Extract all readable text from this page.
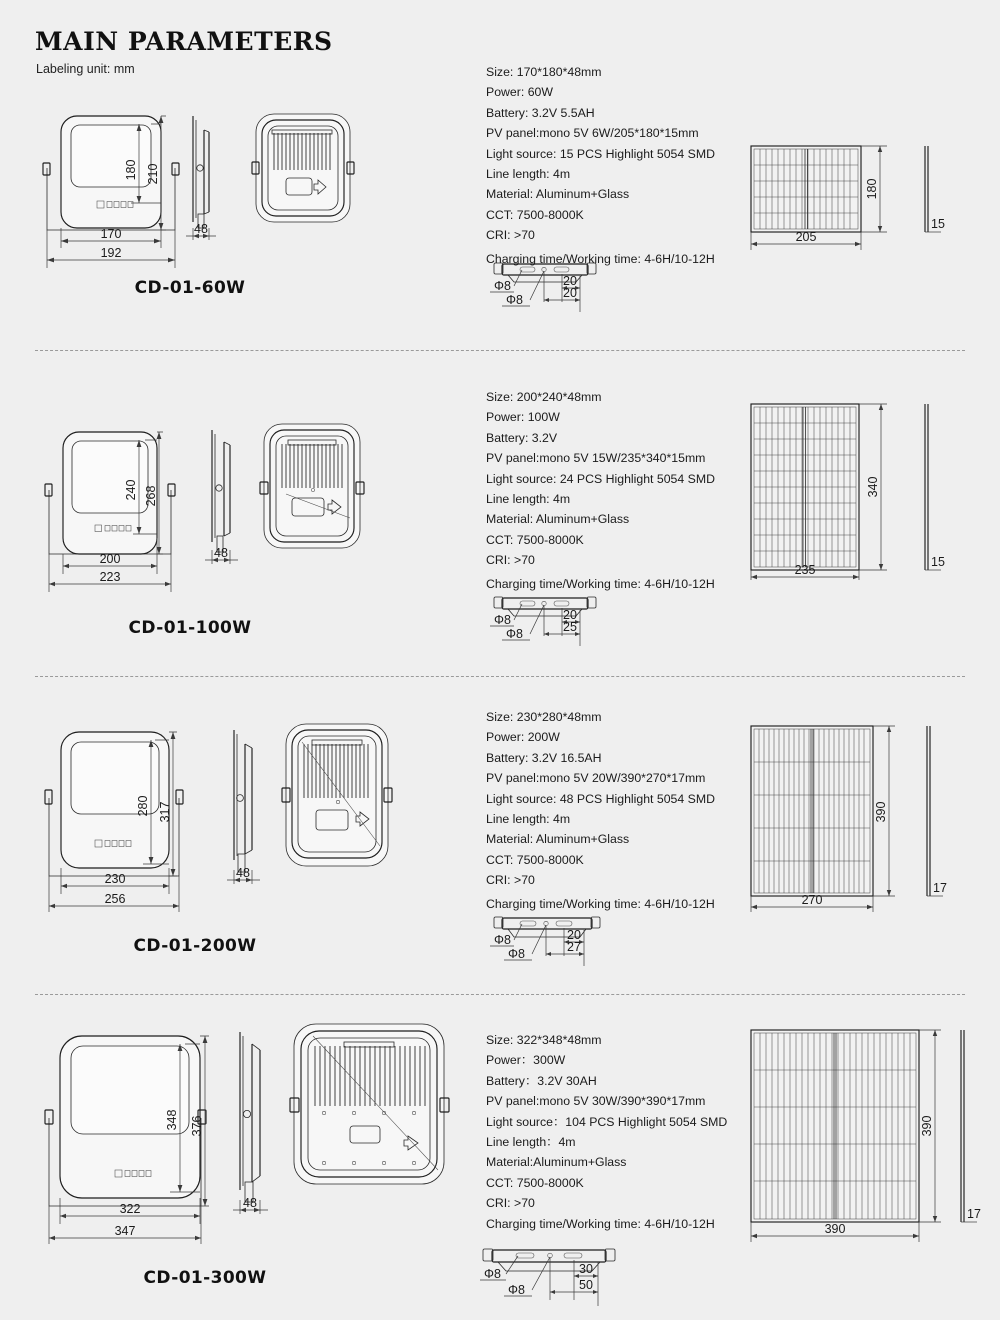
MAIN PARAMETERS
Labeling unit: mm
180 210
170
192
48
Size: 170*180*48mm
Power: 60W
Battery: 3.2V 5.5AH
PV panel:mono 5V 6W/205*180*15mm
Light source: 15 PCS Highlight 5054 SMD
Line length: 4m
Material: Aluminum+Glass
CCT: 7500-8000K
CRI: >70
Charging time/Working time: 4-6H/10-12H
Φ8
Φ8
20
20
180
205
15
CD-01-60W
240 268
200
223
48
Size: 200*240*48mm
Power: 100W
Battery: 3.2V
PV panel:mono 5V 15W/235*340*15mm
Light source: 24 PCS Highlight 5054 SMD
Line length: 4m
Material: Aluminum+Glass
CCT: 7500-8000K
CRI: >70
Charging time/Working time: 4-6H/10-12H
Φ8
Φ8
20
25
340
235
15
CD-01-100W
280 317
230
256
48
Size: 230*280*48mm
Power: 200W
Battery: 3.2V 16.5AH
PV panel:mono 5V 20W/390*270*17mm
Light source: 48 PCS Highlight 5054 SMD
Line length: 4m
Material: Aluminum+Glass
CCT: 7500-8000K
CRI: >70
Charging time/Working time: 4-6H/10-12H
Φ8
Φ8
20
27
390
270
17
CD-01-200W
348 376
322
347
48
Size: 322*348*48mm
Power：300W
Battery：3.2V 30AH
PV panel:mono 5V 30W/390*390*17mm
Light source：104 PCS Highlight 5054 SMD
Line length：4m
Material:Aluminum+Glass
CCT: 7500-8000K
CRI: >70
Charging time/Working time: 4-6H/10-12H
Φ8
Φ8
30
50
390
390
17
CD-01-300W
